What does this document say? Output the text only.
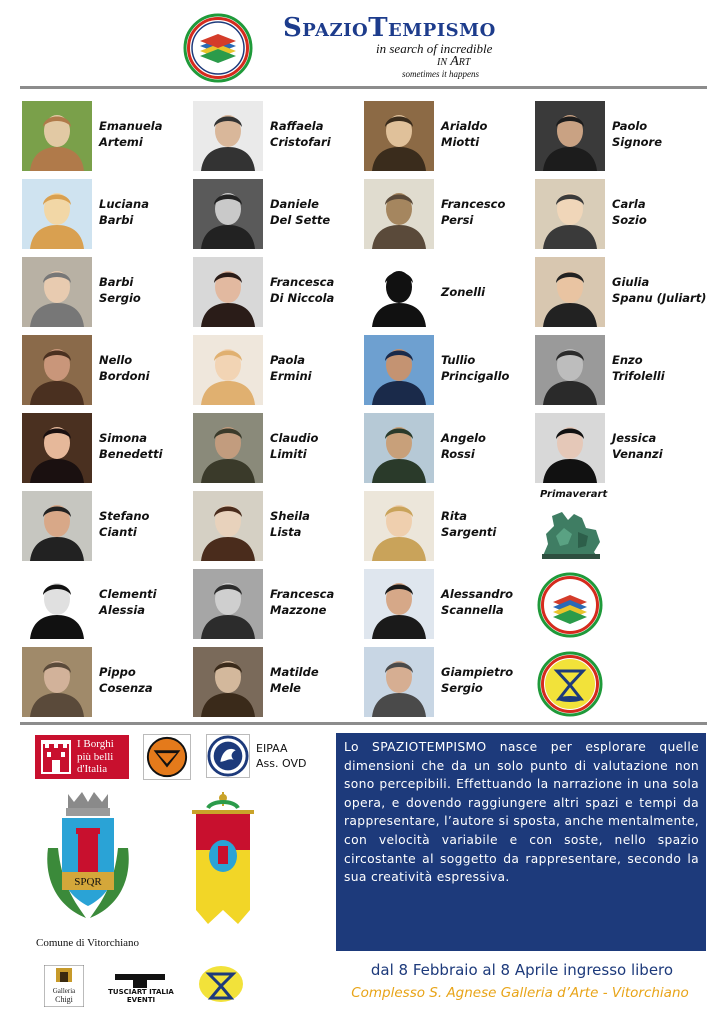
SpazioTempismo
in search of incredible
in Art
sometimes it happens
Emanuela
Artemi
Raffaela
Cristofari
Arialdo
Miotti
Paolo
Signore
Luciana
Barbi
Daniele
Del Sette
Francesco
Persi
Carla
Sozio
Barbi
Sergio
Francesca
Di Niccola	Zonelli
Giulia
Spanu (Juliart)
Nello
Bordoni
Paola
Ermini
Tullio
Princigallo
Enzo
Trifolelli
Simona
Benedetti
Claudio
Limiti
Angelo
Rossi
Jessica
Venanzi
Stefano
Cianti
Sheila
Lista
Rita
Sargenti
Clementi
Alessia
Francesca
Mazzone
Alessandro
Scannella
Pippo
Cosenza
Matilde
Mele
Giampietro
Sergio
Primaverart
I Borghi
più belli
d'Italia
EIPAA
Ass. OVD
SPQR
Comune di Vitorchiano
Galleria
Chigi
TUSCIART ITALIA
EVENTI
Lo SPAZIOTEMPISMO nasce per esplorare quelle dimensioni che da un solo punto di valutazione non sono percepibili. Effettuando la narrazione in una sola opera, e dovendo raggiungere altri spazi e tempi da rappresentare, l’autore si sposta, anche mentalmente, con velocità variabile e con soste, nello spazio circostante al soggetto da rappresentare, secondo la sua creatività espressiva.
dal 8 Febbraio al 8 Aprile ingresso libero
Complesso S. Agnese Galleria d’Arte - Vitorchiano
